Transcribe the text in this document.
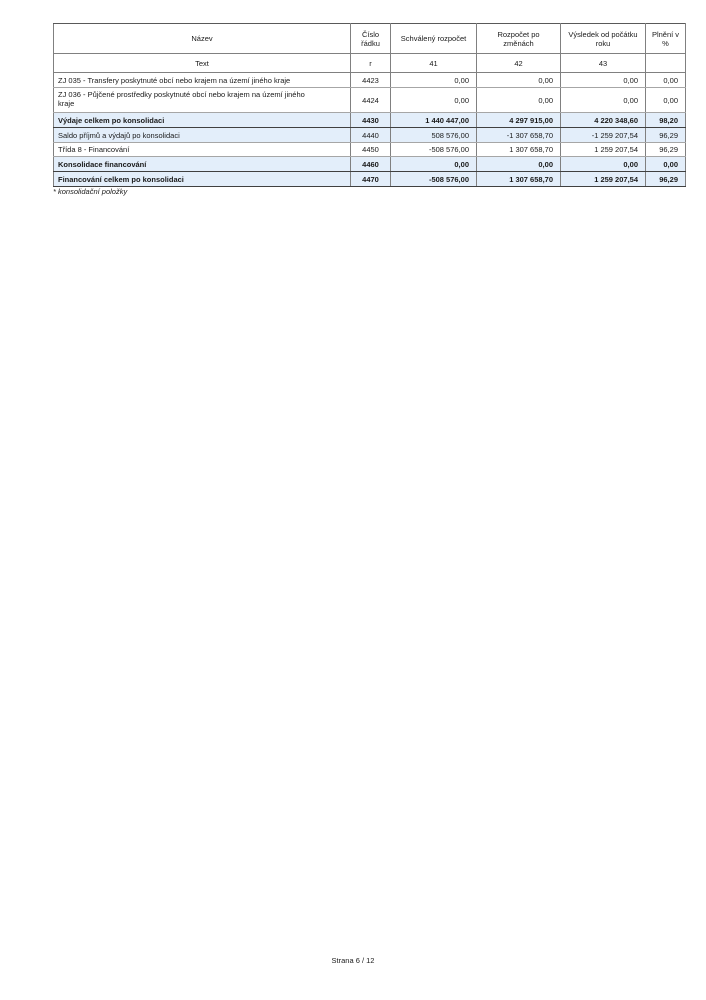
Název	Číslo řádku	Schválený rozpočet	Rozpočet po změnách	Výsledek od počátku roku	Plnění v %
Text	r	41	42	43	
ZJ 035 - Transfery poskytnuté obcí nebo krajem na území jiného kraje	4423	0,00	0,00	0,00	0,00
ZJ 036 - Půjčené prostředky poskytnuté obcí nebo krajem na území jiného kraje	4424	0,00	0,00	0,00	0,00
Výdaje celkem po konsolidaci	4430	1 440 447,00	4 297 915,00	4 220 348,60	98,20
Saldo příjmů a výdajů po konsolidaci	4440	508 576,00	-1 307 658,70	-1 259 207,54	96,29
Třída 8 - Financování	4450	-508 576,00	1 307 658,70	1 259 207,54	96,29
Konsolidace financování	4460	0,00	0,00	0,00	0,00
Financování celkem po konsolidaci	4470	-508 576,00	1 307 658,70	1 259 207,54	96,29
* konsolidační položky
Strana 6 / 12
